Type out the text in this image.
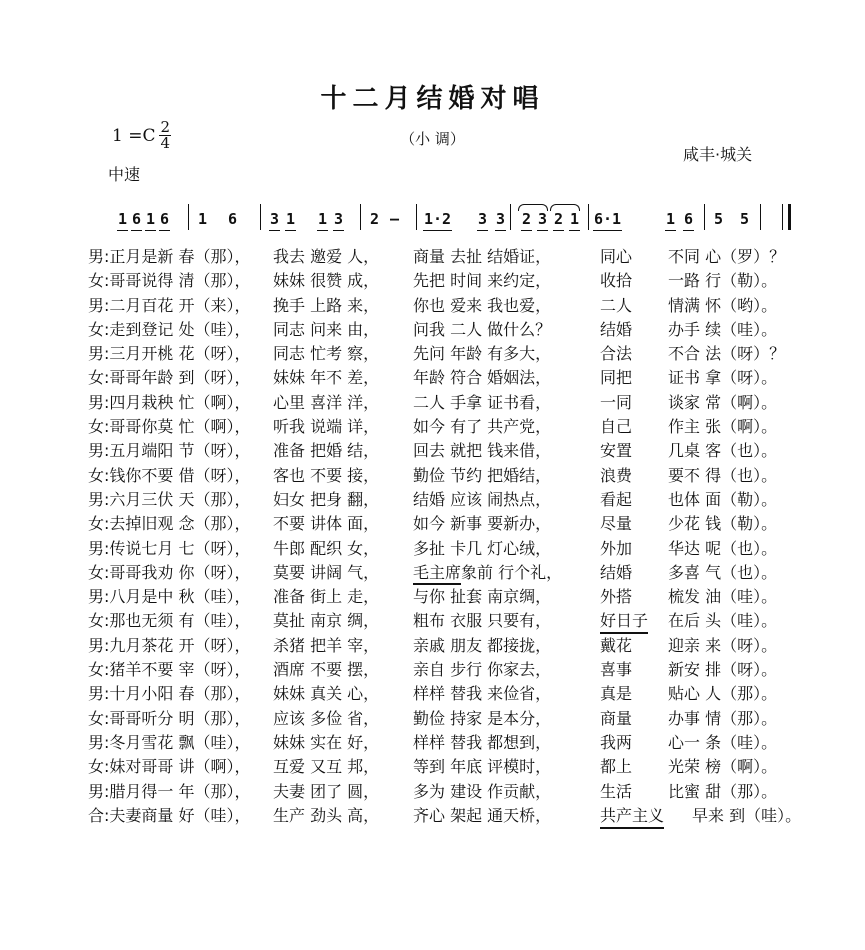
十二月结婚对唱
$1 =C \frac{2}{4}$	（小 调）
咸丰·城关
中速
1 6 1 6 1 6 3 1 1 3 2 — 1·2 3 3 2 3 2 1 6·1	1 6 5 5
男:正月是新 春（那）， 我去 邀爱 人， 商量 去扯 结婚证，	同心 不同 心（罗）？
女:哥哥说得 清（那）， 妹妹 很赞 成， 先把 时间 来约定，	收拾 一路 行（勒）。
男:二月百花 开（来）， 挽手 上路 来， 你也 爱来 我也爱，	二人 情满 怀（哟）。
女:走到登记 处（哇）， 同志 问来 由， 问我 二人 做什么？	结婚 办手 续（哇）。
男:三月开桃 花（呀）， 同志 忙考 察， 先问 年龄 有多大，	合法 不合 法（呀）？
女:哥哥年龄 到（呀）， 妹妹 年不 差， 年龄 符合 婚姻法，	同把 证书 拿（呀）。
男:四月栽秧 忙（啊）， 心里 喜洋 洋， 二人 手拿 证书看，	一同 谈家 常（啊）。
女:哥哥你莫 忙（啊）， 听我 说端 详， 如今 有了 共产党，	自己 作主 张（啊）。
男:五月端阳 节（呀）， 准备 把婚 结， 回去 就把 钱来借，	安置 几桌 客（也）。
女:钱你不要 借（呀）， 客也 不要 接， 勤俭 节约 把婚结，	浪费 要不 得（也）。
男:六月三伏 天（那）， 妇女 把身 翻， 结婚 应该 闹热点，	看起 也体 面（勒）。
女:去掉旧观 念（那）， 不要 讲体 面， 如今 新事 要新办，	尽量 少花 钱（勒）。
男:传说七月 七（呀）， 牛郎 配织 女， 多扯 卡几 灯心绒，	外加 华达 呢（也）。
女:哥哥我劝 你（呀）， 莫要 讲阔 气， 毛主席象前 行个礼， 结婚 多喜 气（也）。
男:八月是中 秋（哇）， 准备 街上 走， 与你 扯套 南京绸，	外搭 梳发 油（哇）。
女:那也无须 有（哇）， 莫扯 南京 绸， 粗布 衣服 只要有，	好日子 在后 头（哇）。
男:九月茶花 开（呀）， 杀猪 把羊 宰， 亲戚 朋友 都接拢，	戴花 迎亲 来（呀）。
女:猪羊不要 宰（呀）， 酒席 不要 摆， 亲自 步行 你家去，	喜事 新安 排（呀）。
男:十月小阳 春（那）， 妹妹 真关 心， 样样 替我 来俭省，	真是 贴心 人（那）。
女:哥哥听分 明（那）， 应该 多俭 省， 勤俭 持家 是本分，	商量 办事 情（那）。
男:冬月雪花 飘（哇）， 妹妹 实在 好， 样样 替我 都想到，	我两 心一 条（哇）。
女:妹对哥哥 讲（啊）， 互爱 又互 邦， 等到 年底 评模时，	都上 光荣 榜（啊）。
男:腊月得一 年（那）， 夫妻 团了 圆， 多为 建设 作贡献，	生活 比蜜 甜（那）。
合:夫妻商量 好（哇）， 生产 劲头 高， 齐心 架起 通天桥，	共产主义 早来 到（哇）。
